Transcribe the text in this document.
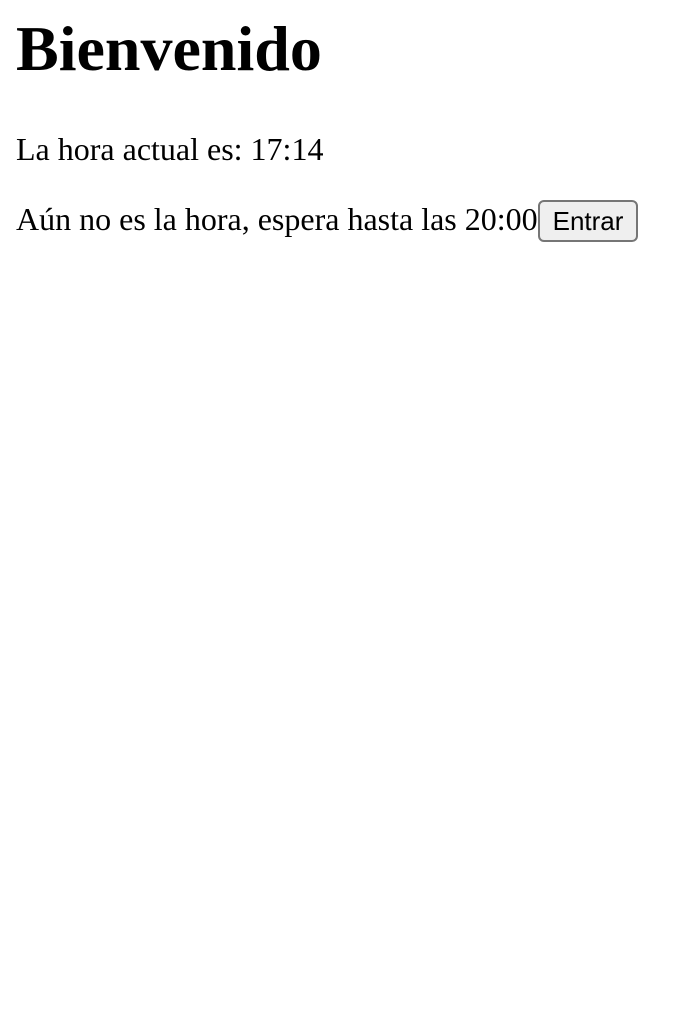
Bienvenido

La hora actual es: 17:14

Aún no es la hora, espera hasta las 20:00 Entrar
